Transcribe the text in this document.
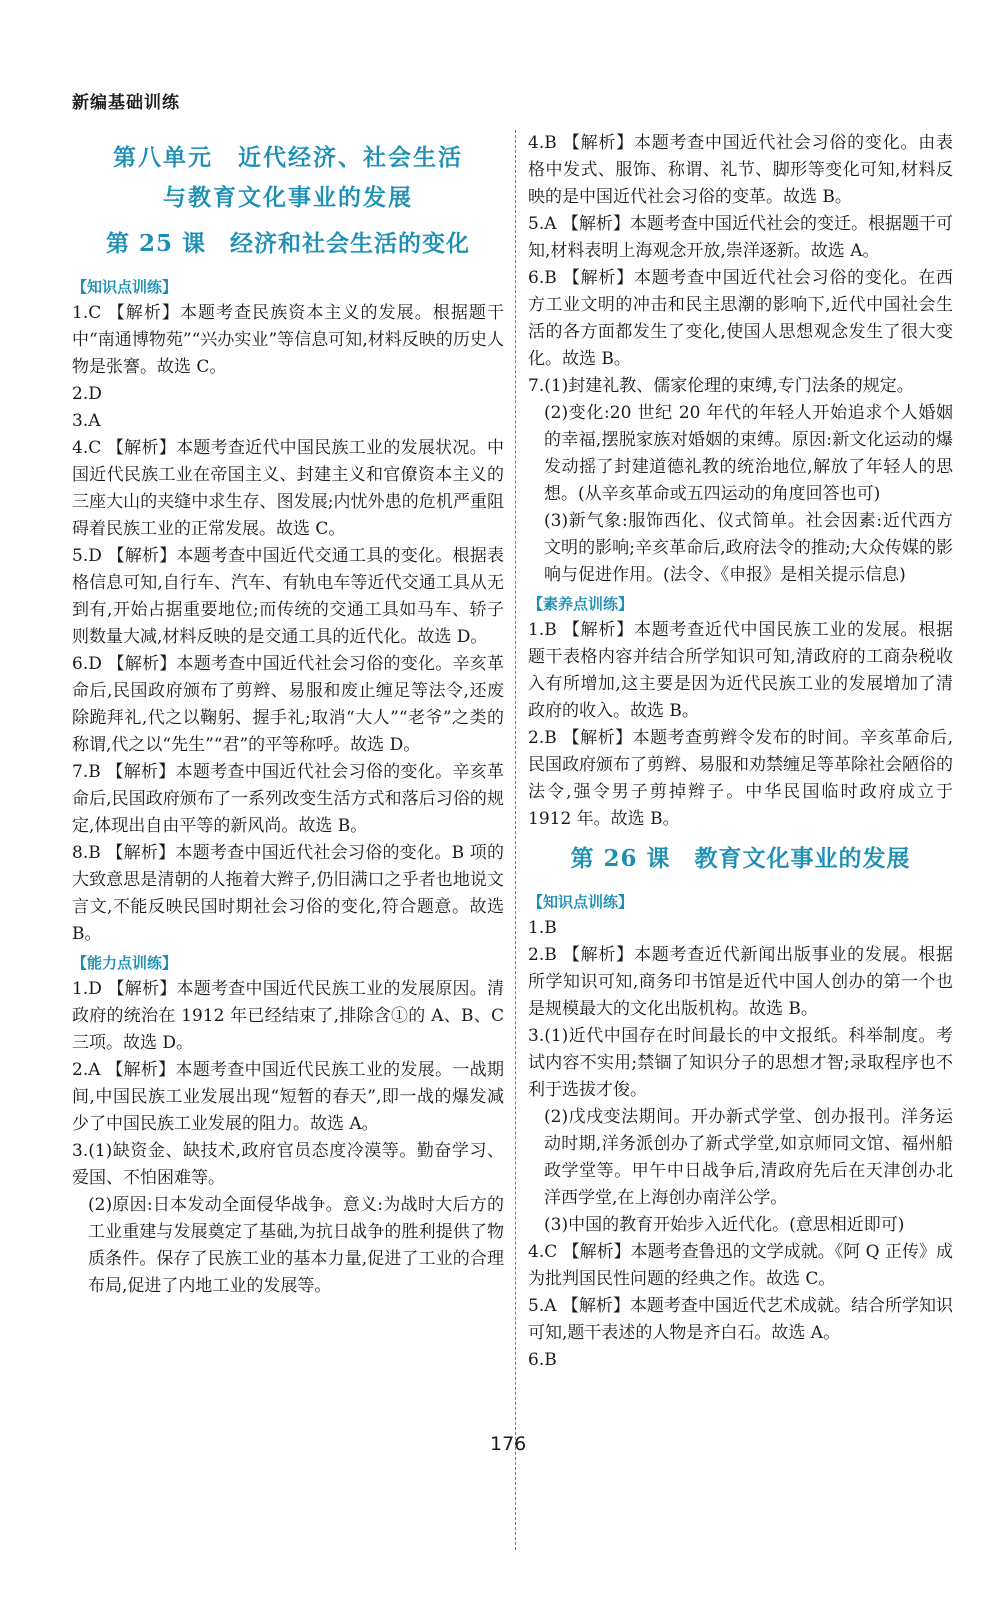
新编基础训练
第八单元　近代经济、社会生活
与教育文化事业的发展
第 25 课　经济和社会生活的变化
【知识点训练】
1.C 【解析】本题考查民族资本主义的发展。根据题干中“南通博物苑”“兴办实业”等信息可知,材料反映的历史人物是张謇。故选 C。
2.D
3.A
4.C 【解析】本题考查近代中国民族工业的发展状况。中国近代民族工业在帝国主义、封建主义和官僚资本主义的三座大山的夹缝中求生存、图发展;内忧外患的危机严重阻碍着民族工业的正常发展。故选 C。
5.D 【解析】本题考查中国近代交通工具的变化。根据表格信息可知,自行车、汽车、有轨电车等近代交通工具从无到有,开始占据重要地位;而传统的交通工具如马车、轿子则数量大减,材料反映的是交通工具的近代化。故选 D。
6.D 【解析】本题考查中国近代社会习俗的变化。辛亥革命后,民国政府颁布了剪辫、易服和废止缠足等法令,还废除跪拜礼,代之以鞠躬、握手礼;取消“大人”“老爷”之类的称谓,代之以“先生”“君”的平等称呼。故选 D。
7.B 【解析】本题考查中国近代社会习俗的变化。辛亥革命后,民国政府颁布了一系列改变生活方式和落后习俗的规定,体现出自由平等的新风尚。故选 B。
8.B 【解析】本题考查中国近代社会习俗的变化。B 项的大致意思是清朝的人拖着大辫子,仍旧满口之乎者也地说文言文,不能反映民国时期社会习俗的变化,符合题意。故选 B。
【能力点训练】
1.D 【解析】本题考查中国近代民族工业的发展原因。清政府的统治在 1912 年已经结束了,排除含①的 A、B、C 三项。故选 D。
2.A 【解析】本题考查中国近代民族工业的发展。一战期间,中国民族工业发展出现“短暂的春天”,即一战的爆发减少了中国民族工业发展的阻力。故选 A。
3.(1)缺资金、缺技术,政府官员态度冷漠等。勤奋学习、爱国、不怕困难等。
(2)原因:日本发动全面侵华战争。意义:为战时大后方的工业重建与发展奠定了基础,为抗日战争的胜利提供了物质条件。保存了民族工业的基本力量,促进了工业的合理布局,促进了内地工业的发展等。
4.B 【解析】本题考查中国近代社会习俗的变化。由表格中发式、服饰、称谓、礼节、脚形等变化可知,材料反映的是中国近代社会习俗的变革。故选 B。
5.A 【解析】本题考查中国近代社会的变迁。根据题干可知,材料表明上海观念开放,崇洋逐新。故选 A。
6.B 【解析】本题考查中国近代社会习俗的变化。在西方工业文明的冲击和民主思潮的影响下,近代中国社会生活的各方面都发生了变化,使国人思想观念发生了很大变化。故选 B。
7.(1)封建礼教、儒家伦理的束缚,专门法条的规定。
(2)变化:20 世纪 20 年代的年轻人开始追求个人婚姻的幸福,摆脱家族对婚姻的束缚。原因:新文化运动的爆发动摇了封建道德礼教的统治地位,解放了年轻人的思想。(从辛亥革命或五四运动的角度回答也可)
(3)新气象:服饰西化、仪式简单。社会因素:近代西方文明的影响;辛亥革命后,政府法令的推动;大众传媒的影响与促进作用。(法令、《申报》是相关提示信息)
【素养点训练】
1.B 【解析】本题考查近代中国民族工业的发展。根据题干表格内容并结合所学知识可知,清政府的工商杂税收入有所增加,这主要是因为近代民族工业的发展增加了清政府的收入。故选 B。
2.B 【解析】本题考查剪辫令发布的时间。辛亥革命后,民国政府颁布了剪辫、易服和劝禁缠足等革除社会陋俗的法令,强令男子剪掉辫子。中华民国临时政府成立于 1912 年。故选 B。
第 26 课　教育文化事业的发展
【知识点训练】
1.B
2.B 【解析】本题考查近代新闻出版事业的发展。根据所学知识可知,商务印书馆是近代中国人创办的第一个也是规模最大的文化出版机构。故选 B。
3.(1)近代中国存在时间最长的中文报纸。科举制度。考试内容不实用;禁锢了知识分子的思想才智;录取程序也不利于选拔才俊。
(2)戊戌变法期间。开办新式学堂、创办报刊。洋务运动时期,洋务派创办了新式学堂,如京师同文馆、福州船政学堂等。甲午中日战争后,清政府先后在天津创办北洋西学堂,在上海创办南洋公学。
(3)中国的教育开始步入近代化。(意思相近即可)
4.C 【解析】本题考查鲁迅的文学成就。《阿 Q 正传》成为批判国民性问题的经典之作。故选 C。
5.A 【解析】本题考查中国近代艺术成就。结合所学知识可知,题干表述的人物是齐白石。故选 A。
6.B
176
